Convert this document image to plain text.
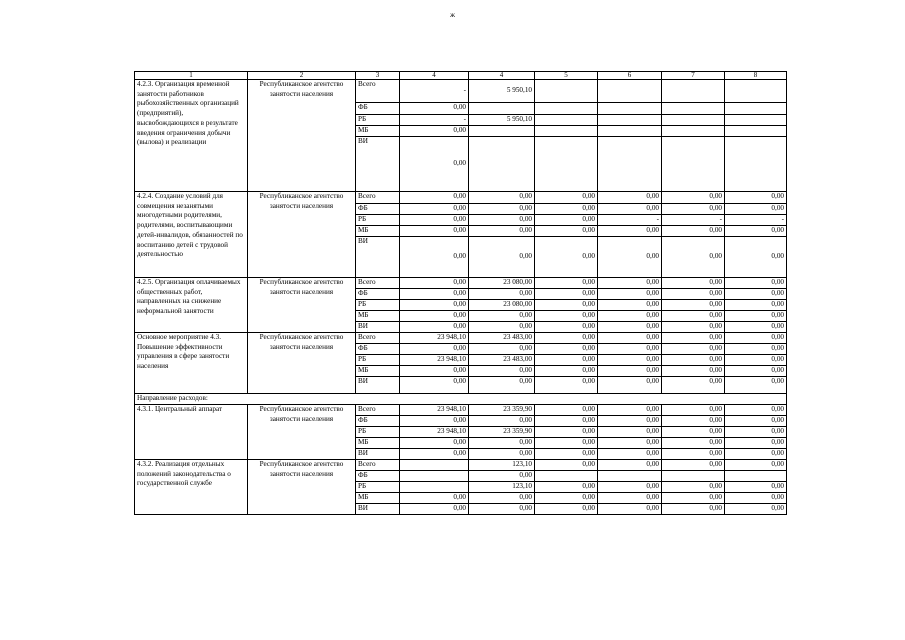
ж
1	2	3	4	4	5	6	7	8
4.2.3. Организация временной занятости работников рыбохозяйственных организаций (предприятий), высвобождающихся в результате введения ограничения добычи (вылова) и реализации	Республиканское агентство занятости населения	Всего	-	5 950,10				
		ФБ	0,00					
		РБ	-	5 950,10				
		МБ	0,00					
		ВИ	0,00					
4.2.4. Создание условий для совмещения незанятыми многодетными родителями, родителями, воспитывающими детей-инвалидов, обязанностей по воспитанию детей с трудовой деятельностью	Республиканское агентство занятости населения	Всего	0,00	0,00	0,00	0,00	0,00	0,00
		ФБ	0,00	0,00	0,00	0,00	0,00	0,00
		РБ	0,00	0,00	0,00	-	-	-
		МБ	0,00	0,00	0,00	0,00	0,00	0,00
		ВИ	0,00	0,00	0,00	0,00	0,00	0,00
4.2.5. Организация оплачиваемых общественных работ, направленных на снижение неформальной занятости	Республиканское агентство занятости населения	Всего	0,00	23 080,00	0,00	0,00	0,00	0,00
		ФБ	0,00	0,00	0,00	0,00	0,00	0,00
		РБ	0,00	23 080,00	0,00	0,00	0,00	0,00
		МБ	0,00	0,00	0,00	0,00	0,00	0,00
		ВИ	0,00	0,00	0,00	0,00	0,00	0,00
Основное мероприятие 4.3. Повышение эффективности управления в сфере занятости населения	Республиканское агентство занятости населения	Всего	23 948,10	23 483,00	0,00	0,00	0,00	0,00
		ФБ	0,00	0,00	0,00	0,00	0,00	0,00
		РБ	23 948,10	23 483,00	0,00	0,00	0,00	0,00
		МБ	0,00	0,00	0,00	0,00	0,00	0,00
		ВИ	0,00	0,00	0,00	0,00	0,00	0,00
Направление расходов:								
4.3.1. Центральный аппарат	Республиканское агентство занятости населения	Всего	23 948,10	23 359,90	0,00	0,00	0,00	0,00
		ФБ	0,00	0,00	0,00	0,00	0,00	0,00
		РБ	23 948,10	23 359,90	0,00	0,00	0,00	0,00
		МБ	0,00	0,00	0,00	0,00	0,00	0,00
		ВИ	0,00	0,00	0,00	0,00	0,00	0,00
4.3.2. Реализация отдельных положений законодательства о государственной службе	Республиканское агентство занятости населения	Всего		123,10	0,00	0,00	0,00	0,00
		ФБ		0,00				
		РБ		123,10	0,00	0,00	0,00	0,00
		МБ	0,00	0,00	0,00	0,00	0,00	0,00
		ВИ	0,00	0,00	0,00	0,00	0,00	0,00
